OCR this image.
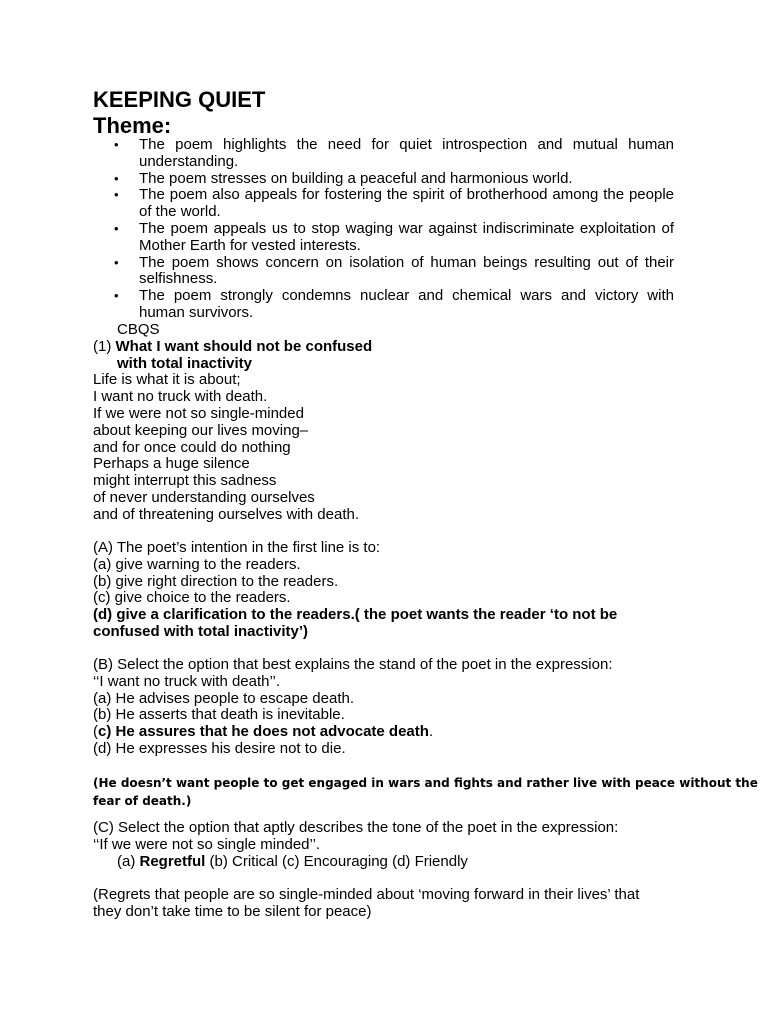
KEEPING QUIET
Theme:
• The poem highlights the need for quiet introspection and mutual human understanding.
• The poem stresses on building a peaceful and harmonious world.
• The poem also appeals for fostering the spirit of brotherhood among the people of the world.
• The poem appeals us to stop waging war against indiscriminate exploitation of Mother Earth for vested interests.
• The poem shows concern on isolation of human beings resulting out of their selfishness.
• The poem strongly condemns nuclear and chemical wars and victory with human survivors.
CBQS
(1) What I want should not be confused
with total inactivity
Life is what it is about;
I want no truck with death.
If we were not so single-minded
about keeping our lives moving–
and for once could do nothing
Perhaps a huge silence
might interrupt this sadness
of never understanding ourselves
and of threatening ourselves with death.
(A) The poet’s intention in the first line is to:
(a) give warning to the readers.
(b) give right direction to the readers.
(c) give choice to the readers.
(d) give a clarification to the readers.( the poet wants the reader ‘to not be
confused with total inactivity’)
(B) Select the option that best explains the stand of the poet in the expression:
‘‘I want no truck with death’’.
(a) He advises people to escape death.
(b) He asserts that death is inevitable.
(c) He assures that he does not advocate death.
(d) He expresses his desire not to die.
(He doesn’t want people to get engaged in wars and fights and rather live with peace without the
fear of death.)
(C) Select the option that aptly describes the tone of the poet in the expression:
‘‘If we were not so single minded’’.
(a) Regretful (b) Critical (c) Encouraging (d) Friendly
(Regrets that people are so single-minded about ‘moving forward in their lives’ that
they don’t take time to be silent for peace)
